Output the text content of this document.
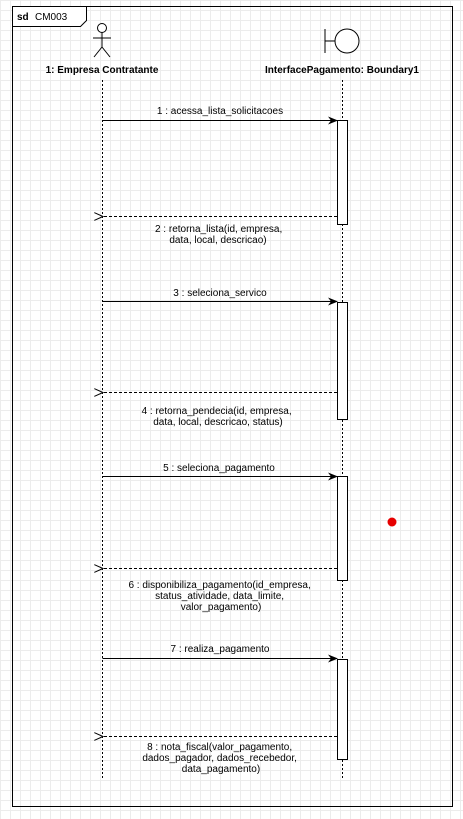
sd CM003
1: Empresa Contratante	InterfacePagamento: Boundary1
1 : acessa_lista_solicitacoes
2 : retorna_lista(id, empresa, data, local, descricao)
3 : seleciona_servico
4 : retorna_pendecia(id, empresa, data, local, descricao, status)
5 : seleciona_pagamento
6 : disponibiliza_pagamento(id_empresa, status_atividade, data_limite, valor_pagamento)
7 : realiza_pagamento
8 : nota_fiscal(valor_pagamento, dados_pagador, dados_recebedor, data_pagamento)
